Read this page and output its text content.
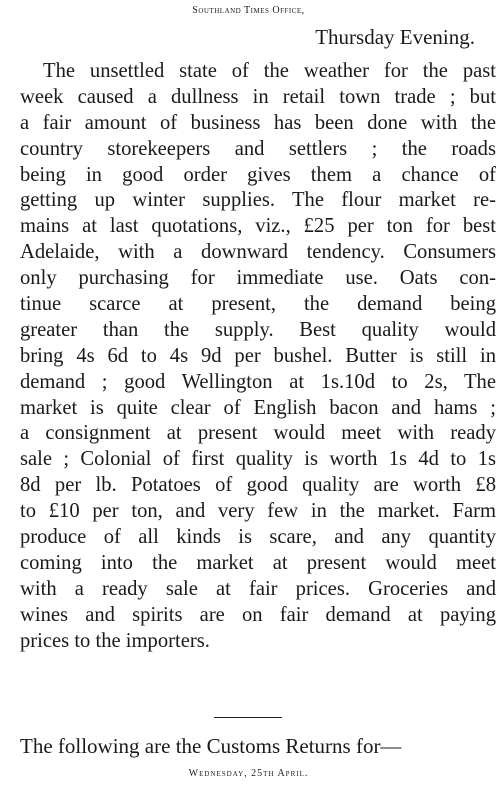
Southland Times Office,
Thursday Evening.
The unsettled state of the weather for the past
week caused a dullness in retail town trade ; but
a fair amount of business has been done with the
country storekeepers and settlers ; the roads
being in good order gives them a chance of
getting up winter supplies. The flour market re-
mains at last quotations, viz., £25 per ton for best
Adelaide, with a downward tendency. Consumers
only purchasing for immediate use. Oats con-
tinue scarce at present, the demand being
greater than the supply. Best quality would
bring 4s 6d to 4s 9d per bushel. Butter is still in
demand ; good Wellington at 1s.10d to 2s, The
market is quite clear of English bacon and hams ;
a consignment at present would meet with ready
sale ; Colonial of first quality is worth 1s 4d to 1s
8d per lb. Potatoes of good quality are worth £8
to £10 per ton, and very few in the market. Farm
produce of all kinds is scare, and any quantity
coming into the market at present would meet
with a ready sale at fair prices. Groceries and
wines and spirits are on fair demand at paying
prices to the importers.
The following are the Customs Returns for—
Wednesday, 25th April.
